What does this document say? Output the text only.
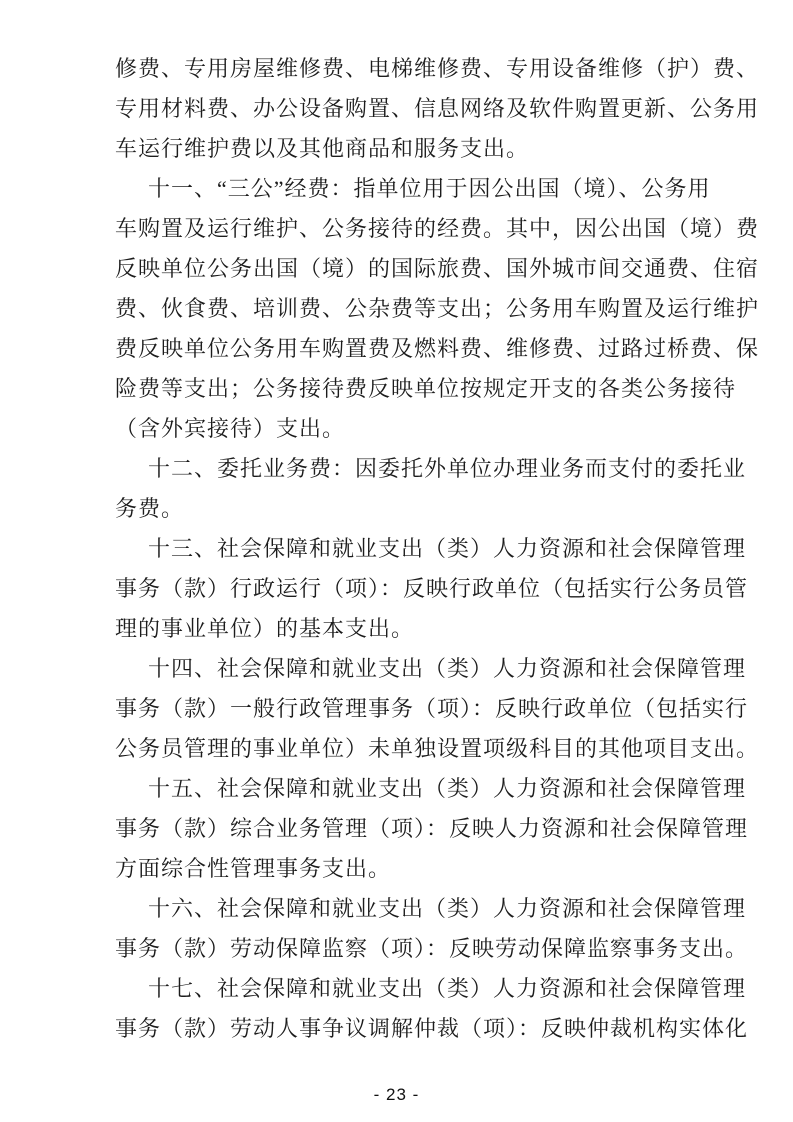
修费、专用房屋维修费、电梯维修费、专用设备维修（护）费、
专用材料费、办公设备购置、信息网络及软件购置更新、公务用
车运行维护费以及其他商品和服务支出。
十一、“三公”经费：指单位用于因公出国（境）、公务用
车购置及运行维护、公务接待的经费。其中，因公出国（境）费
反映单位公务出国（境）的国际旅费、国外城市间交通费、住宿
费、伙食费、培训费、公杂费等支出；公务用车购置及运行维护
费反映单位公务用车购置费及燃料费、维修费、过路过桥费、保
险费等支出；公务接待费反映单位按规定开支的各类公务接待
（含外宾接待）支出。
十二、委托业务费：因委托外单位办理业务而支付的委托业
务费。
十三、社会保障和就业支出（类）人力资源和社会保障管理
事务（款）行政运行（项）：反映行政单位（包括实行公务员管
理的事业单位）的基本支出。
十四、社会保障和就业支出（类）人力资源和社会保障管理
事务（款）一般行政管理事务（项）：反映行政单位（包括实行
公务员管理的事业单位）未单独设置项级科目的其他项目支出。
十五、社会保障和就业支出（类）人力资源和社会保障管理
事务（款）综合业务管理（项）：反映人力资源和社会保障管理
方面综合性管理事务支出。
十六、社会保障和就业支出（类）人力资源和社会保障管理
事务（款）劳动保障监察（项）：反映劳动保障监察事务支出。
十七、社会保障和就业支出（类）人力资源和社会保障管理
事务（款）劳动人事争议调解仲裁（项）：反映仲裁机构实体化
- 23 -
